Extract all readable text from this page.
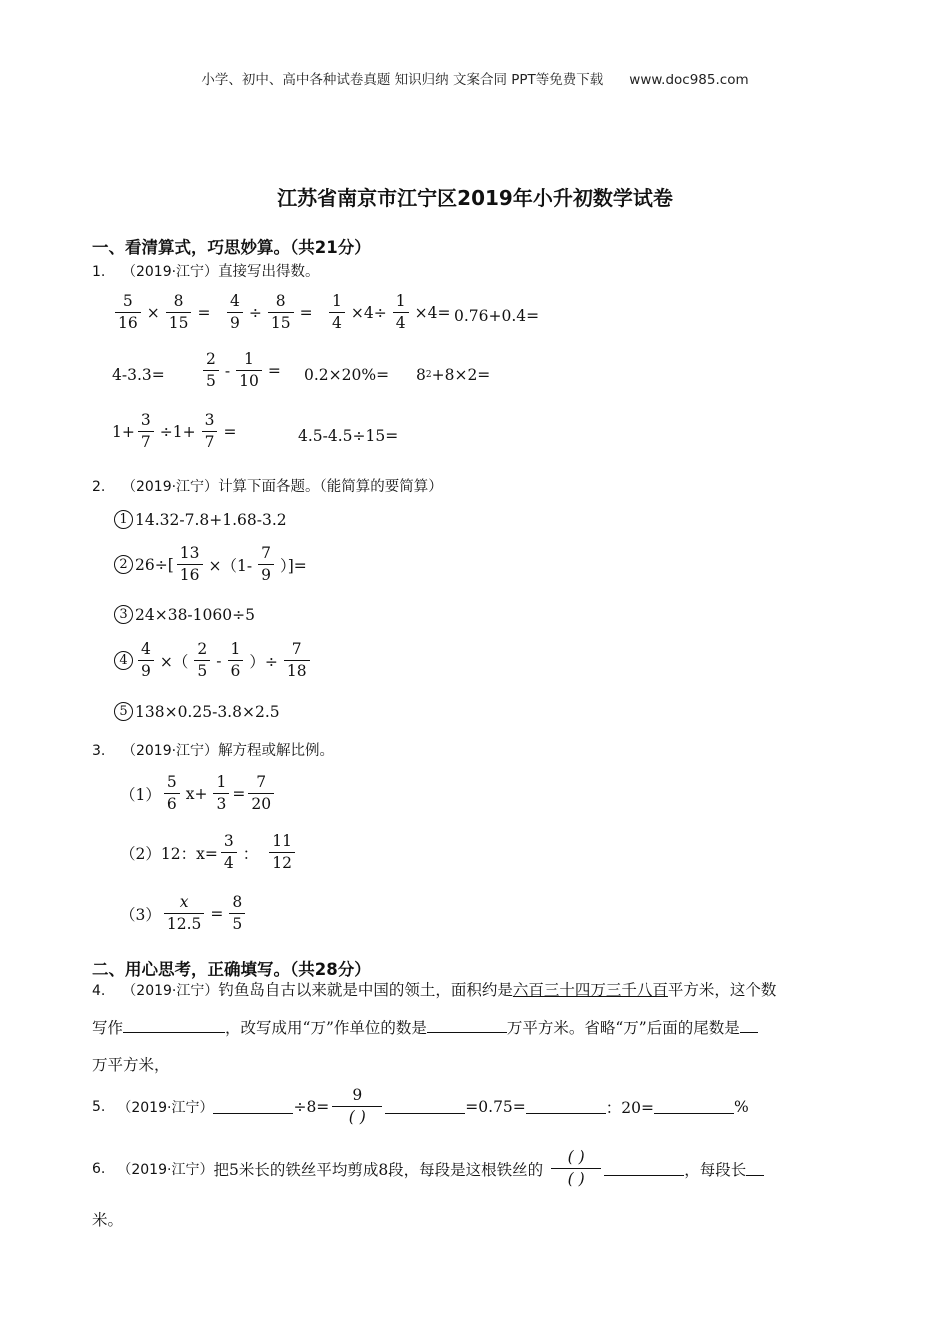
小学、初中、高中各种试卷真题 知识归纳 文案合同 PPT等免费下载 www.doc985.com
江苏省南京市江宁区2019年小升初数学试卷
一、看清算式，巧思妙算。（共21分）
1. （2019·江宁）直接写出得数。
$\frac{5}{16} \times \frac{8}{15} = \frac{4}{9} \div \frac{8}{15} = \frac{1}{4} \times 4\div \frac{1}{4} \times 4= 0.76+0.4=$
$4-3.3= \frac{2}{5} - \frac{1}{10} = 0.2\times 20\%= 8$ 2 +8×2=
$1+ \frac{3}{7} \div 1+ \frac{3}{7}$ =	4.5-4.5÷15=
2. （2019·江宁）计算下面各题。（能简算的要简算）
1 14.32-7.8+1.68-3.2
2 $26\div[ \frac{13}{16} \times(1- \frac{7}{9}$ ）]=
3 24×38-1060÷5
$4 \frac{4}{9}$ ×（ $\frac{2}{5} - \frac{1}{6}$ ）÷ $\frac{7}{18}$
5 138×0.25-3.8×2.5
3. （2019·江宁）解方程或解比例。
$(1) \frac{5}{6} x+ \frac{1}{3} = \frac{7}{20}$
（2） 12：$x= \frac{3}{4}$ ： $\frac{11}{12}$
$(3) \frac{x}{12.5} = \frac{8}{5}$
二、用心思考，正确填写。（共28分）
4. （2019·江宁）钓鱼岛自古以来就是中国的领土，面积约是六百三十四万三千八百平方米，这个数
写作	，改写成用“万”作单位的数是	万平方米。省略“万”后面的尾数是
万平方米，
5. （2019·江宁）	$\div 8= \frac{9}{( )}$	=0.75=	：20=	%
6. （2019·江宁） 把5米长的铁丝平均剪成8段，每段是这根铁丝的 $\frac{( )}{( )}$	，每段长
米。
